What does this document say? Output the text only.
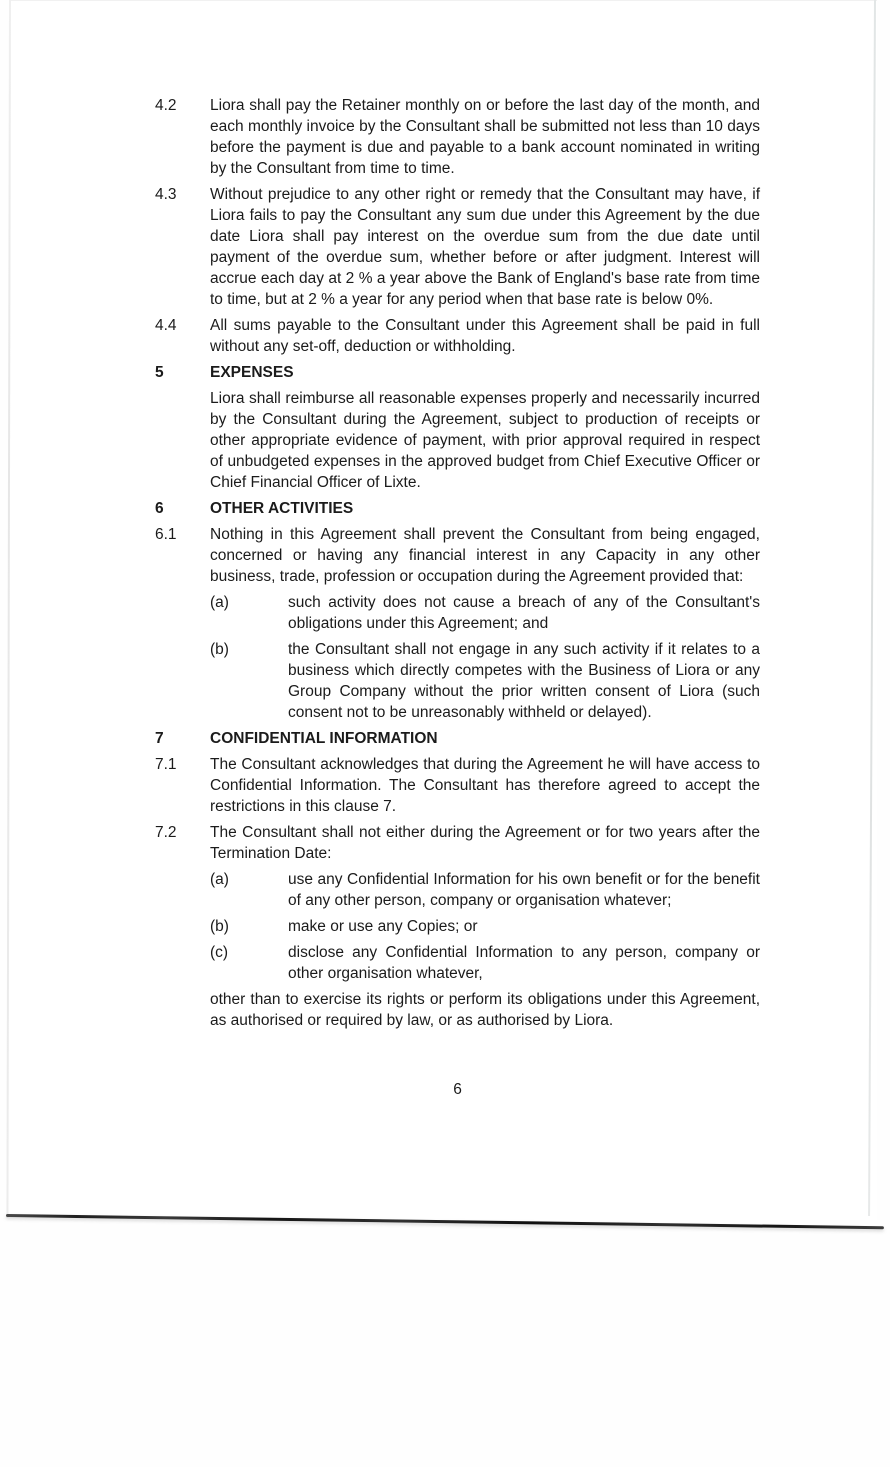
4.2	Liora shall pay the Retainer monthly on or before the last day of the month, and each monthly invoice by the Consultant shall be submitted not less than 10 days before the payment is due and payable to a bank account nominated in writing by the Consultant from time to time.

4.3	Without prejudice to any other right or remedy that the Consultant may have, if Liora fails to pay the Consultant any sum due under this Agreement by the due date Liora shall pay interest on the overdue sum from the due date until payment of the overdue sum, whether before or after judgment. Interest will accrue each day at 2 % a year above the Bank of England's base rate from time to time, but at 2 % a year for any period when that base rate is below 0%.

4.4	All sums payable to the Consultant under this Agreement shall be paid in full without any set-off, deduction or withholding.

5	EXPENSES

Liora shall reimburse all reasonable expenses properly and necessarily incurred by the Consultant during the Agreement, subject to production of receipts or other appropriate evidence of payment, with prior approval required in respect of unbudgeted expenses in the approved budget from Chief Executive Officer or Chief Financial Officer of Lixte.

6	OTHER ACTIVITIES
6.1	Nothing in this Agreement shall prevent the Consultant from being engaged, concerned or having any financial interest in any Capacity in any other business, trade, profession or occupation during the Agreement provided that:

(a)	such activity does not cause a breach of any of the Consultant's obligations under this Agreement; and
(b)	the Consultant shall not engage in any such activity if it relates to a business which directly competes with the Business of Liora or any Group Company without the prior written consent of Liora (such consent not to be unreasonably withheld or delayed).
7	CONFIDENTIAL INFORMATION
7.1	The Consultant acknowledges that during the Agreement he will have access to Confidential Information. The Consultant has therefore agreed to accept the restrictions in this clause 7.

7.2	The Consultant shall not either during the Agreement or for two years after the Termination Date:

(a)	use any Confidential Information for his own benefit or for the benefit of any other person, company or organisation whatever;
(b)	make or use any Copies; or
(c)	disclose any Confidential Information to any person, company or other organisation whatever,

other than to exercise its rights or perform its obligations under this Agreement, as authorised or required by law, or as authorised by Liora.

6
